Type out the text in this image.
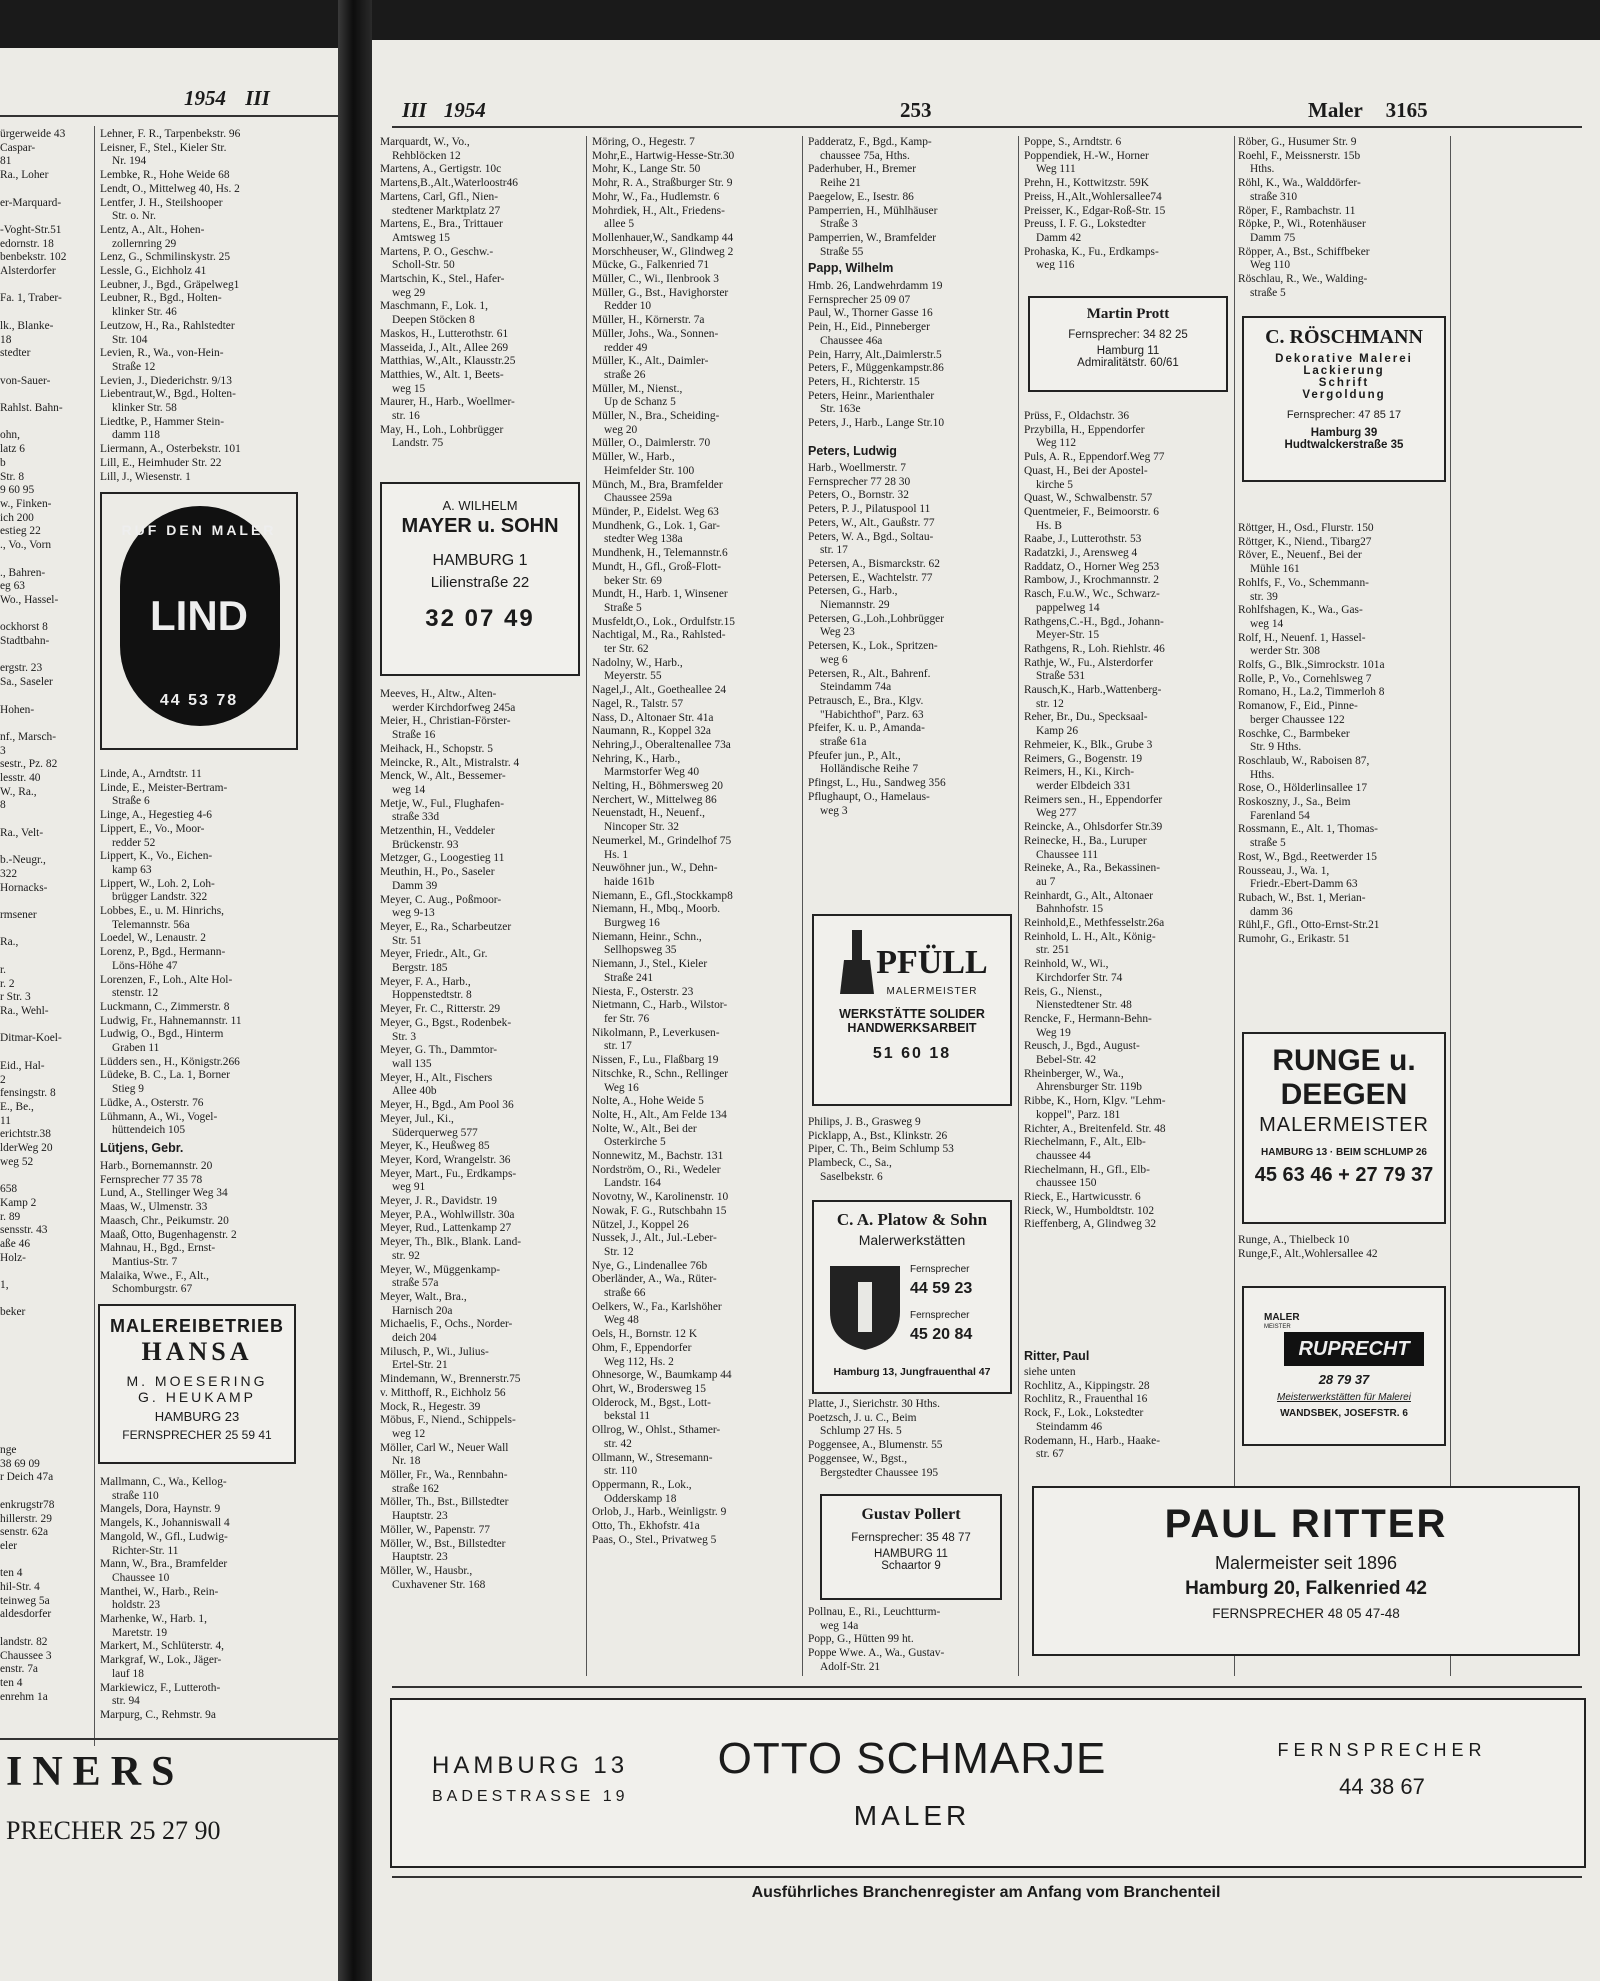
1954 III
ürgerweide 43
Caspar-
81
Ra., Loher

er-Marquard-

-Voght-Str.51
edornstr. 18
benbekstr. 102
Alsterdorfer

Fa. 1, Traber-

lk., Blanke-
18
stedter

von-Sauer-

Rahlst. Bahn-

ohn,
latz 6
b
Str. 8
9 60 95
w., Finken-
ich 200
estieg 22
., Vo., Vorn

., Bahren-
eg 63
Wo., Hassel-

ockhorst 8
Stadtbahn-

ergstr. 23
Sa., Saseler

Hohen-

nf., Marsch-
3
sestr., Pz. 82
lesstr. 40
W., Ra.,
8

Ra., Velt-

b.-Neugr.,
322
Hornacks-

rmsener

Ra.,

r.
r. 2
r Str. 3
Ra., Wehl-

Ditmar-Koel-

Eid., Hal-
2
fensingstr. 8
E., Be.,
11
erichtstr.38
lderWeg 20
weg 52

658
Kamp 2
r. 89
sensstr. 43
aße 46
Holz-

1,

beker
nge
38 69 09
r Deich 47a

enkrugstr78
hillerstr. 29
senstr. 62a
eler

ten 4
hil-Str. 4
teinweg 5a
aldesdorfer

landstr. 82
Chaussee 3
enstr. 7a
ten 4
enrehm 1a
Lehner, F. R., Tarpenbekstr. 96
Leisner, F., Stel., Kieler Str.
Nr. 194
Lembke, R., Hohe Weide 68
Lendt, O., Mittelweg 40, Hs. 2
Lentfer, J. H., Steilshooper
Str. o. Nr.
Lentz, A., Alt., Hohen-
zollernring 29
Lenz, G., Schmilinskystr. 25
Lessle, G., Eichholz 41
Leubner, J., Bgd., Gräpelweg1
Leubner, R., Bgd., Holten-
klinker Str. 46
Leutzow, H., Ra., Rahlstedter
Str. 104
Levien, R., Wa., von-Hein-
Straße 12
Levien, J., Diederichstr. 9/13
Liebentraut,W., Bgd., Holten-
klinker Str. 58
Liedtke, P., Hammer Stein-
damm 118
Liermann, A., Osterbekstr. 101
Lill, E., Heimhuder Str. 22
Lill, J., Wiesenstr. 1
RUF DEN MALER
LIND
44 53 78
Linde, A., Arndtstr. 11
Linde, E., Meister-Bertram-
Straße 6
Linge, A., Hegestieg 4-6
Lippert, E., Vo., Moor-
redder 52
Lippert, K., Vo., Eichen-
kamp 63
Lippert, W., Loh. 2, Loh-
brügger Landstr. 322
Lobbes, E., u. M. Hinrichs,
Telemannstr. 56a
Loedel, W., Lenaustr. 2
Lorenz, P., Bgd., Hermann-
Löns-Höhe 47
Lorenzen, F., Loh., Alte Hol-
stenstr. 12
Luckmann, C., Zimmerstr. 8
Ludwig, Fr., Hahnemannstr. 11
Ludwig, O., Bgd., Hinterm
Graben 11
Lüdders sen., H., Königstr.266
Lüdeke, B. C., La. 1, Borner
Stieg 9
Lüdke, A., Osterstr. 76
Lühmann, A., Wi., Vogel-
hüttendeich 105
Lütjens, Gebr.
Harb., Bornemannstr. 20
Fernsprecher 77 35 78
Lund, A., Stellinger Weg 34
Maas, W., Ulmenstr. 33
Maasch, Chr., Peikumstr. 20
Maaß, Otto, Bugenhagenstr. 2
Mahnau, H., Bgd., Ernst-
Mantius-Str. 7
Malaika, Wwe., F., Alt.,
Schomburgstr. 67
MALEREIBETRIEB
HANSA
M. MOESERING
G. HEUKAMP
HAMBURG 23
FERNSPRECHER 25 59 41
Mallmann, C., Wa., Kellog-
straße 110
Mangels, Dora, Haynstr. 9
Mangels, K., Johanniswall 4
Mangold, W., Gfl., Ludwig-
Richter-Str. 11
Mann, W., Bra., Bramfelder
Chaussee 10
Manthei, W., Harb., Rein-
holdstr. 23
Marhenke, W., Harb. 1,
Maretstr. 19
Markert, M., Schlüterstr. 4,
Markgraf, W., Lok., Jäger-
lauf 18
Markiewicz, F., Lutteroth-
str. 94
Marpurg, C., Rehmstr. 9a
INERS
PRECHER 25 27 90
III 1954	253	Maler 3165
Marquardt, W., Vo.,
Rehblöcken 12
Martens, A., Gertigstr. 10c
Martens,B.,Alt.,Waterloostr46
Martens, Carl, Gfl., Nien-
stedtener Marktplatz 27
Martens, E., Bra., Trittauer
Amtsweg 15
Martens, P. O., Geschw.-
Scholl-Str. 50
Martschin, K., Stel., Hafer-
weg 29
Maschmann, F., Lok. 1,
Deepen Stöcken 8
Maskos, H., Lutterothstr. 61
Masseida, J., Alt., Allee 269
Matthias, W.,Alt., Klausstr.25
Matthies, W., Alt. 1, Beets-
weg 15
Maurer, H., Harb., Woellmer-
str. 16
May, H., Loh., Lohbrügger
Landstr. 75
A. WILHELM
MAYER u. SOHN
HAMBURG 1
Lilienstraße 22
32 07 49
Meeves, H., Altw., Alten-
werder Kirchdorfweg 245a
Meier, H., Christian-Förster-
Straße 16
Meihack, H., Schopstr. 5
Meincke, R., Alt., Mistralstr. 4
Menck, W., Alt., Bessemer-
weg 14
Metje, W., Ful., Flughafen-
straße 33d
Metzenthin, H., Veddeler
Brückenstr. 93
Metzger, G., Loogestieg 11
Meuthin, H., Po., Saseler
Damm 39
Meyer, C. Aug., Poßmoor-
weg 9-13
Meyer, E., Ra., Scharbeutzer
Str. 51
Meyer, Friedr., Alt., Gr.
Bergstr. 185
Meyer, F. A., Harb.,
Hoppenstedtstr. 8
Meyer, Fr. C., Ritterstr. 29
Meyer, G., Bgst., Rodenbek-
Str. 3
Meyer, G. Th., Dammtor-
wall 135
Meyer, H., Alt., Fischers
Allee 40b
Meyer, H., Bgd., Am Pool 36
Meyer, Jul., Ki.,
Süderquerweg 577
Meyer, K., Heußweg 85
Meyer, Kord, Wrangelstr. 36
Meyer, Mart., Fu., Erdkamps-
weg 91
Meyer, J. R., Davidstr. 19
Meyer, P.A., Wohlwillstr. 30a
Meyer, Rud., Lattenkamp 27
Meyer, Th., Blk., Blank. Land-
str. 92
Meyer, W., Müggenkamp-
straße 57a
Meyer, Walt., Bra.,
Harnisch 20a
Michaelis, F., Ochs., Norder-
deich 204
Milusch, P., Wi., Julius-
Ertel-Str. 21
Mindemann, W., Brennerstr.75
v. Mitthoff, R., Eichholz 56
Mock, R., Hegestr. 39
Möbus, F., Niend., Schippels-
weg 12
Möller, Carl W., Neuer Wall
Nr. 18
Möller, Fr., Wa., Rennbahn-
straße 162
Möller, Th., Bst., Billstedter
Hauptstr. 23
Möller, W., Papenstr. 77
Möller, W., Bst., Billstedter
Hauptstr. 23
Möller, W., Hausbr.,
Cuxhavener Str. 168
Möring, O., Hegestr. 7
Mohr,E., Hartwig-Hesse-Str.30
Mohr, K., Lange Str. 50
Mohr, R. A., Straßburger Str. 9
Mohr, W., Fa., Hudlemstr. 6
Mohrdiek, H., Alt., Friedens-
allee 5
Mollenhauer,W., Sandkamp 44
Morschheuser, W., Glindweg 2
Mücke, G., Falkenried 71
Müller, C., Wi., Ilenbrook 3
Müller, G., Bst., Havighorster
Redder 10
Müller, H., Körnerstr. 7a
Müller, Johs., Wa., Sonnen-
redder 49
Müller, K., Alt., Daimler-
straße 26
Müller, M., Nienst.,
Up de Schanz 5
Müller, N., Bra., Scheiding-
weg 20
Müller, O., Daimlerstr. 70
Müller, W., Harb.,
Heimfelder Str. 100
Münch, M., Bra, Bramfelder
Chaussee 259a
Münder, P., Eidelst. Weg 63
Mundhenk, G., Lok. 1, Gar-
stedter Weg 138a
Mundhenk, H., Telemannstr.6
Mundt, H., Gfl., Groß-Flott-
beker Str. 69
Mundt, H., Harb. 1, Winsener
Straße 5
Musfeldt,O., Lok., Ordulfstr.15
Nachtigal, M., Ra., Rahlsted-
ter Str. 62
Nadolny, W., Harb.,
Meyerstr. 55
Nagel,J., Alt., Goetheallee 24
Nagel, R., Talstr. 57
Nass, D., Altonaer Str. 41a
Naumann, R., Koppel 32a
Nehring,J., Oberaltenallee 73a
Nehring, K., Harb.,
Marmstorfer Weg 40
Nelting, H., Böhmersweg 20
Nerchert, W., Mittelweg 86
Neuenstadt, H., Neuenf.,
Nincoper Str. 32
Neumerkel, M., Grindelhof 75
Hs. 1
Neuwöhner jun., W., Dehn-
haide 161b
Niemann, E., Gfl.,Stockkamp8
Niemann, H., Mbq., Moorb.
Burgweg 16
Niemann, Heinr., Schn.,
Sellhopsweg 35
Niemann, J., Stel., Kieler
Straße 241
Niesta, F., Osterstr. 23
Nietmann, C., Harb., Wilstor-
fer Str. 76
Nikolmann, P., Leverkusen-
str. 17
Nissen, F., Lu., Flaßbarg 19
Nitschke, R., Schn., Rellinger
Weg 16
Nolte, A., Hohe Weide 5
Nolte, H., Alt., Am Felde 134
Nolte, W., Alt., Bei der
Osterkirche 5
Nonnewitz, M., Bachstr. 131
Nordström, O., Ri., Wedeler
Landstr. 164
Novotny, W., Karolinenstr. 10
Nowak, F. G., Rutschbahn 15
Nützel, J., Koppel 26
Nussek, J., Alt., Jul.-Leber-
Str. 12
Nye, G., Lindenallee 76b
Oberländer, A., Wa., Rüter-
straße 66
Oelkers, W., Fa., Karlshöher
Weg 48
Oels, H., Bornstr. 12 K
Ohm, F., Eppendorfer
Weg 112, Hs. 2
Ohnesorge, W., Baumkamp 44
Ohrt, W., Brodersweg 15
Olderock, M., Bgst., Lott-
bekstal 11
Ollrog, W., Ohlst., Sthamer-
str. 42
Ollmann, W., Stresemann-
str. 110
Oppermann, R., Lok.,
Odderskamp 18
Orlob, J., Harb., Weinligstr. 9
Otto, Th., Ekhofstr. 41a
Paas, O., Stel., Privatweg 5
Padderatz, F., Bgd., Kamp-
chaussee 75a, Hths.
Paderhuber, H., Bremer
Reihe 21
Paegelow, E., Isestr. 86
Pamperrien, H., Mühlhäuser
Straße 3
Pamperrien, W., Bramfelder
Straße 55
Papp, Wilhelm
Hmb. 26, Landwehrdamm 19
Fernsprecher 25 09 07
Paul, W., Thorner Gasse 16
Pein, H., Eid., Pinneberger
Chaussee 46a
Pein, Harry, Alt.,Daimlerstr.5
Peters, F., Müggenkampstr.86
Peters, H., Richterstr. 15
Peters, Heinr., Marienthaler
Str. 163e
Peters, J., Harb., Lange Str.10
Peters, Ludwig
Harb., Woellmerstr. 7
Fernsprecher 77 28 30
Peters, O., Bornstr. 32
Peters, P. J., Pilatuspool 11
Peters, W., Alt., Gaußstr. 77
Peters, W. A., Bgd., Soltau-
str. 17
Petersen, A., Bismarckstr. 62
Petersen, E., Wachtelstr. 77
Petersen, G., Harb.,
Niemannstr. 29
Petersen, G.,Loh.,Lohbrügger
Weg 23
Petersen, K., Lok., Spritzen-
weg 6
Petersen, R., Alt., Bahrenf.
Steindamm 74a
Petrausch, E., Bra., Klgv.
"Habichthof", Parz. 63
Pfeifer, K. u. P., Amanda-
straße 61a
Pfeufer jun., P., Alt.,
Holländische Reihe 7
Pfingst, L., Hu., Sandweg 356
Pflughaupt, O., Hamelaus-
weg 3
PFÜLL
MALERMEISTER
WERKSTÄTTE SOLIDER
HANDWERKSARBEIT
51 60 18
Philips, J. B., Grasweg 9
Picklapp, A., Bst., Klinkstr. 26
Piper, C. Th., Beim Schlump 53
Plambeck, C., Sa.,
Saselbekstr. 6
C. A. Platow & Sohn
Malerwerkstätten
Fernsprecher
44 59 23
Fernsprecher
45 20 84
Hamburg 13, Jungfrauenthal 47
Platte, J., Sierichstr. 30 Hths.
Poetzsch, J. u. C., Beim
Schlump 27 Hs. 5
Poggensee, A., Blumenstr. 55
Poggensee, W., Bgst.,
Bergstedter Chaussee 195
Gustav Pollert
Fernsprecher: 35 48 77
HAMBURG 11
Schaartor 9
Pollnau, E., Ri., Leuchtturm-
weg 14a
Popp, G., Hütten 99 ht.
Poppe Wwe. A., Wa., Gustav-
Adolf-Str. 21
Poppe, S., Arndtstr. 6
Poppendiek, H.-W., Horner
Weg 111
Prehn, H., Kottwitzstr. 59K
Preiss, H.,Alt.,Wohlersallee74
Preisser, K., Edgar-Roß-Str. 15
Preuss, I. F. G., Lokstedter
Damm 42
Prohaska, K., Fu., Erdkamps-
weg 116
Martin Prott
Fernsprecher: 34 82 25
Hamburg 11
Admiralitätstr. 60/61
Prüss, F., Oldachstr. 36
Przybilla, H., Eppendorfer
Weg 112
Puls, A. R., Eppendorf.Weg 77
Quast, H., Bei der Apostel-
kirche 5
Quast, W., Schwalbenstr. 57
Quentmeier, F., Beimoorstr. 6
Hs. B
Raabe, J., Lutterothstr. 53
Radatzki, J., Arensweg 4
Raddatz, O., Horner Weg 253
Rambow, J., Krochmannstr. 2
Rasch, F.u.W., Wc., Schwarz-
pappelweg 14
Rathgens,C.-H., Bgd., Johann-
Meyer-Str. 15
Rathgens, R., Loh. Riehlstr. 46
Rathje, W., Fu., Alsterdorfer
Straße 531
Rausch,K., Harb.,Wattenberg-
str. 12
Reher, Br., Du., Specksaal-
Kamp 26
Rehmeier, K., Blk., Grube 3
Reimers, G., Bogenstr. 19
Reimers, H., Ki., Kirch-
werder Elbdeich 331
Reimers sen., H., Eppendorfer
Weg 277
Reincke, A., Ohlsdorfer Str.39
Reinecke, H., Ba., Luruper
Chaussee 111
Reineke, A., Ra., Bekassinen-
au 7
Reinhardt, G., Alt., Altonaer
Bahnhofstr. 15
Reinhold,E., Methfesselstr.26a
Reinhold, L. H., Alt., König-
str. 251
Reinhold, W., Wi.,
Kirchdorfer Str. 74
Reis, G., Nienst.,
Nienstedtener Str. 48
Rencke, F., Hermann-Behn-
Weg 19
Reusch, J., Bgd., August-
Bebel-Str. 42
Rheinberger, W., Wa.,
Ahrensburger Str. 119b
Ribbe, K., Horn, Klgv. "Lehm-
koppel", Parz. 181
Richter, A., Breitenfeld. Str. 48
Riechelmann, F., Alt., Elb-
chaussee 44
Riechelmann, H., Gfl., Elb-
chaussee 150
Rieck, E., Hartwicusstr. 6
Rieck, W., Humboldtstr. 102
Rieffenberg, A, Glindweg 32
Ritter, Paul
siehe unten
Rochlitz, A., Kippingstr. 28
Rochlitz, R., Frauenthal 16
Rock, F., Lok., Lokstedter
Steindamm 46
Rodemann, H., Harb., Haake-
str. 67
Röber, G., Husumer Str. 9
Roehl, F., Meissnerstr. 15b
Hths.
Röhl, K., Wa., Walddörfer-
straße 310
Röper, F., Rambachstr. 11
Röpke, P., Wi., Rotenhäuser
Damm 75
Röpper, A., Bst., Schiffbeker
Weg 110
Röschlau, R., We., Walding-
straße 5
C. RÖSCHMANN
Dekorative Malerei
Lackierung
Schrift
Vergoldung
Fernsprecher: 47 85 17
Hamburg 39
Hudtwalckerstraße 35
Röttger, H., Osd., Flurstr. 150
Röttger, K., Niend., Tibarg27
Röver, E., Neuenf., Bei der
Mühle 161
Rohlfs, F., Vo., Schemmann-
str. 39
Rohlfshagen, K., Wa., Gas-
weg 14
Rolf, H., Neuenf. 1, Hassel-
werder Str. 308
Rolfs, G., Blk.,Simrockstr. 101a
Rolle, P., Vo., Cornehlsweg 7
Romano, H., La.2, Timmerloh 8
Romanow, F., Eid., Pinne-
berger Chaussee 122
Roschke, C., Barmbeker
Str. 9 Hths.
Roschlaub, W., Raboisen 87,
Hths.
Rose, O., Hölderlinsallee 17
Roskoszny, J., Sa., Beim
Farenland 54
Rossmann, E., Alt. 1, Thomas-
straße 5
Rost, W., Bgd., Reetwerder 15
Rousseau, J., Wa. 1,
Friedr.-Ebert-Damm 63
Rubach, W., Bst. 1, Merian-
damm 36
Rühl,F., Gfl., Otto-Ernst-Str.21
Rumohr, G., Erikastr. 51
RUNGE u.
DEEGEN
MALERMEISTER
HAMBURG 13 · BEIM SCHLUMP 26
45 63 46 + 27 79 37
Runge, A., Thielbeck 10
Runge,F., Alt.,Wohlersallee 42
MALER
MEISTER
RUPRECHT
28 79 37
Meisterwerkstätten für Malerei
WANDSBEK, JOSEFSTR. 6
PAUL RITTER
Malermeister seit 1896
Hamburg 20, Falkenried 42
FERNSPRECHER 48 05 47-48
HAMBURG 13
BADESTRASSE 19
OTTO SCHMARJE
MALER
FERNSPRECHER
44 38 67
Ausführliches Branchenregister am Anfang vom Branchenteil
